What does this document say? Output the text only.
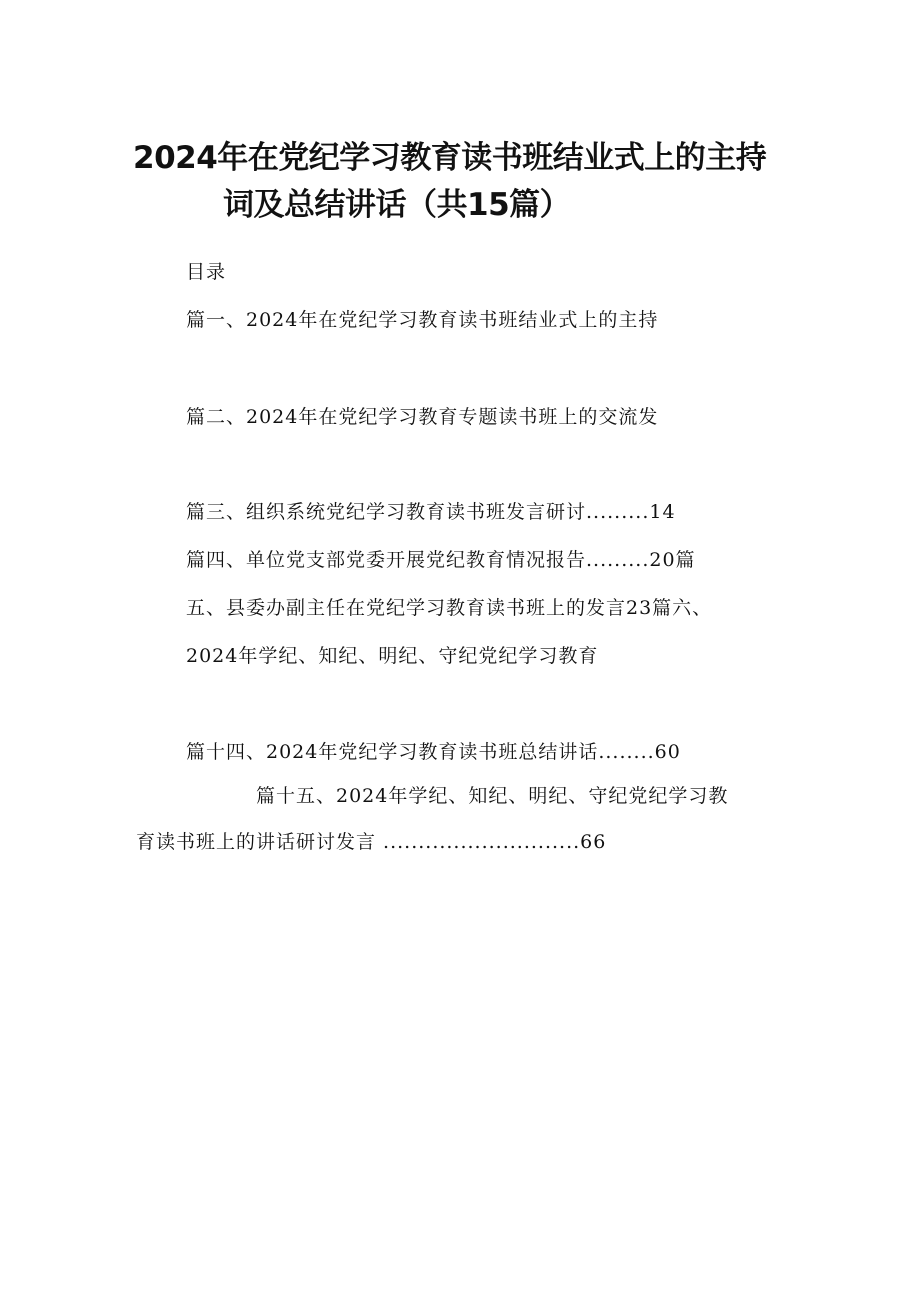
2024年在党纪学习教育读书班结业式上的主持
词及总结讲话（共15篇）
目录
篇一、2024年在党纪学习教育读书班结业式上的主持
篇二、2024年在党纪学习教育专题读书班上的交流发
篇三、组织系统党纪学习教育读书班发言研讨.........14
篇四、单位党支部党委开展党纪教育情况报告.........20篇
五、县委办副主任在党纪学习教育读书班上的发言23篇六、
2024年学纪、知纪、明纪、守纪党纪学习教育
篇十四、2024年党纪学习教育读书班总结讲话........60
篇十五、2024年学纪、知纪、明纪、守纪党纪学习教
育读书班上的讲话研讨发言 ............................66
